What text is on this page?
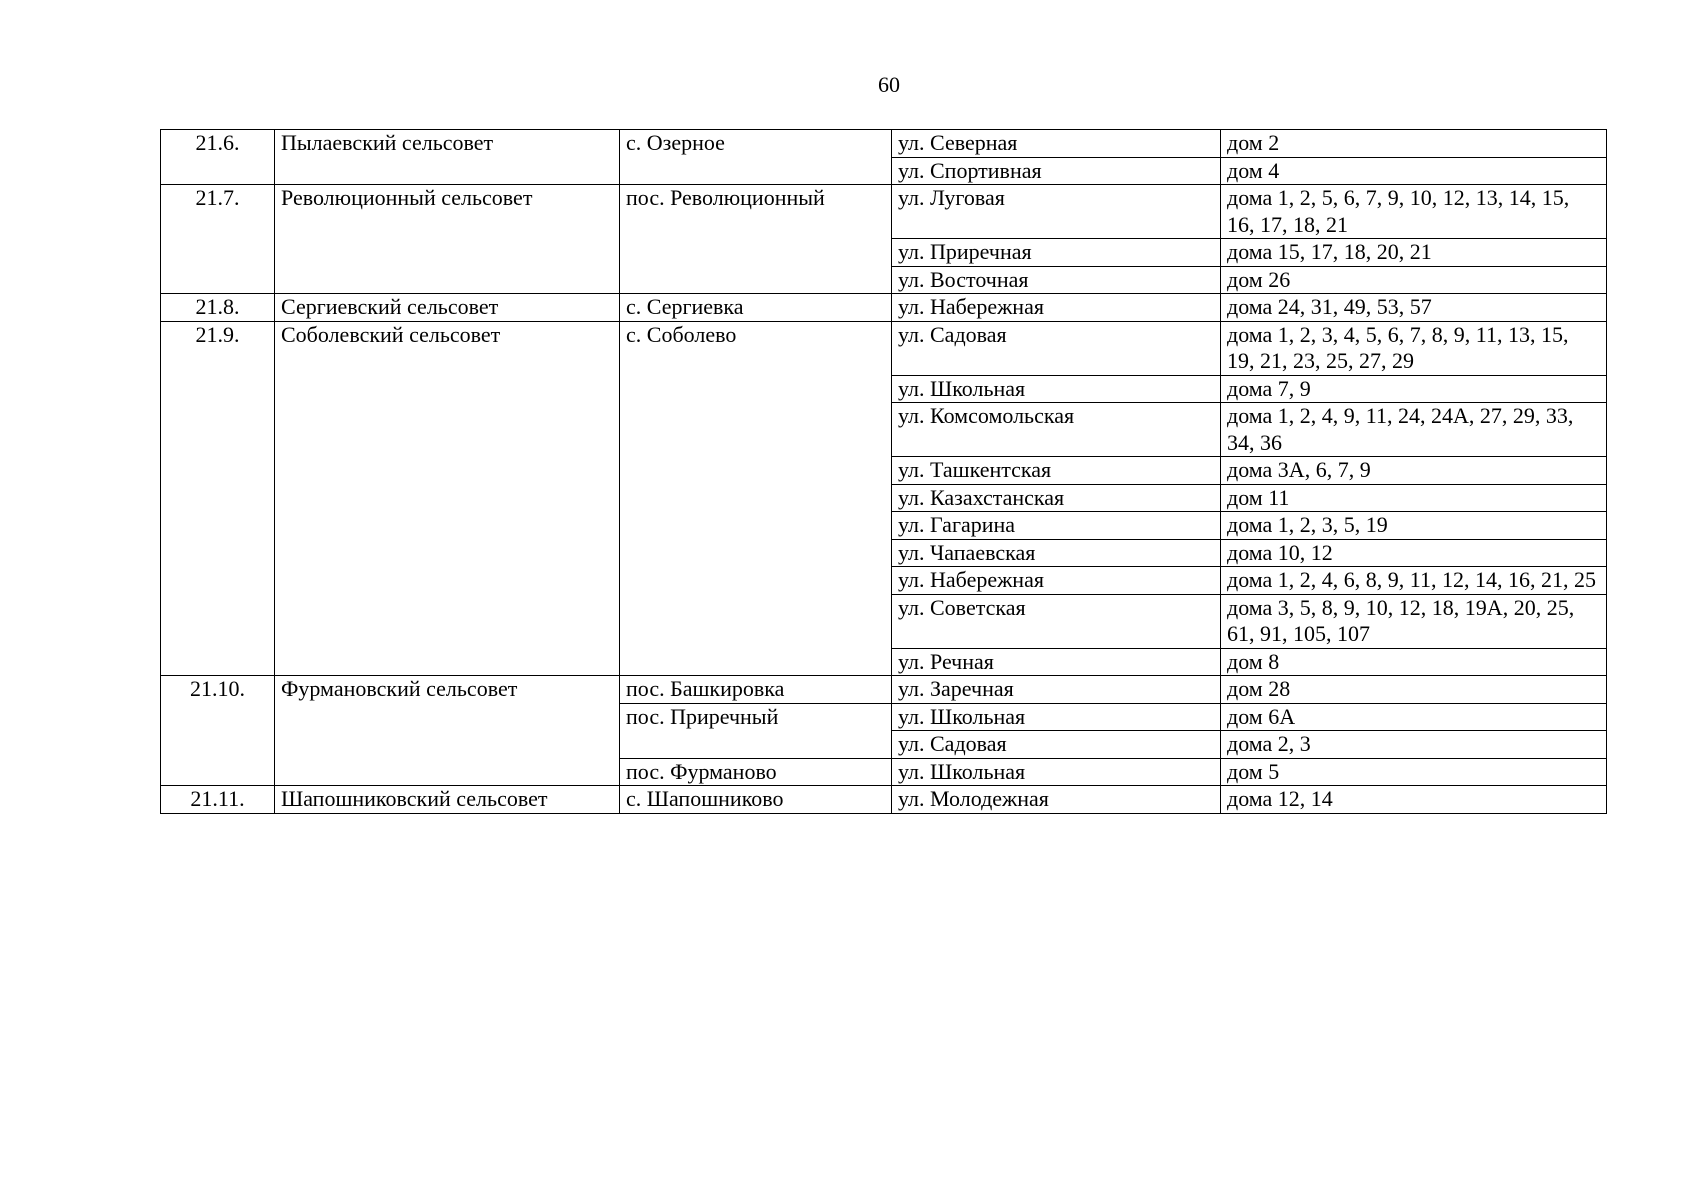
60
21.6.	Пылаевский сельсовет	с. Озерное	ул. Северная	дом 2
			ул. Спортивная	дом 4
21.7.	Революционный сельсовет	пос. Революционный	ул. Луговая	дома 1, 2, 5, 6, 7, 9, 10, 12, 13, 14, 15, 16, 17, 18, 21
			ул. Приречная	дома 15, 17, 18, 20, 21
			ул. Восточная	дом 26
21.8.	Сергиевский сельсовет	с. Сергиевка	ул. Набережная	дома 24, 31, 49, 53, 57
21.9.	Соболевский сельсовет	с. Соболево	ул. Садовая	дома 1, 2, 3, 4, 5, 6, 7, 8, 9, 11, 13, 15, 19, 21, 23, 25, 27, 29
			ул. Школьная	дома 7, 9
			ул. Комсомольская	дома 1, 2, 4, 9, 11, 24, 24А, 27, 29, 33, 34, 36
			ул. Ташкентская	дома 3А, 6, 7, 9
			ул. Казахстанская	дом 11
			ул. Гагарина	дома 1, 2, 3, 5, 19
			ул. Чапаевская	дома 10, 12
			ул. Набережная	дома 1, 2, 4, 6, 8, 9, 11, 12, 14, 16, 21, 25
			ул. Советская	дома 3, 5, 8, 9, 10, 12, 18, 19А, 20, 25, 61, 91, 105, 107
			ул. Речная	дом 8
21.10.	Фурмановский сельсовет	пос. Башкировка	ул. Заречная	дом 28
		пос. Приречный	ул. Школьная	дом 6А
			ул. Садовая	дома 2, 3
		пос. Фурманово	ул. Школьная	дом 5
21.11.	Шапошниковский сельсовет	с. Шапошниково	ул. Молодежная	дома 12, 14
